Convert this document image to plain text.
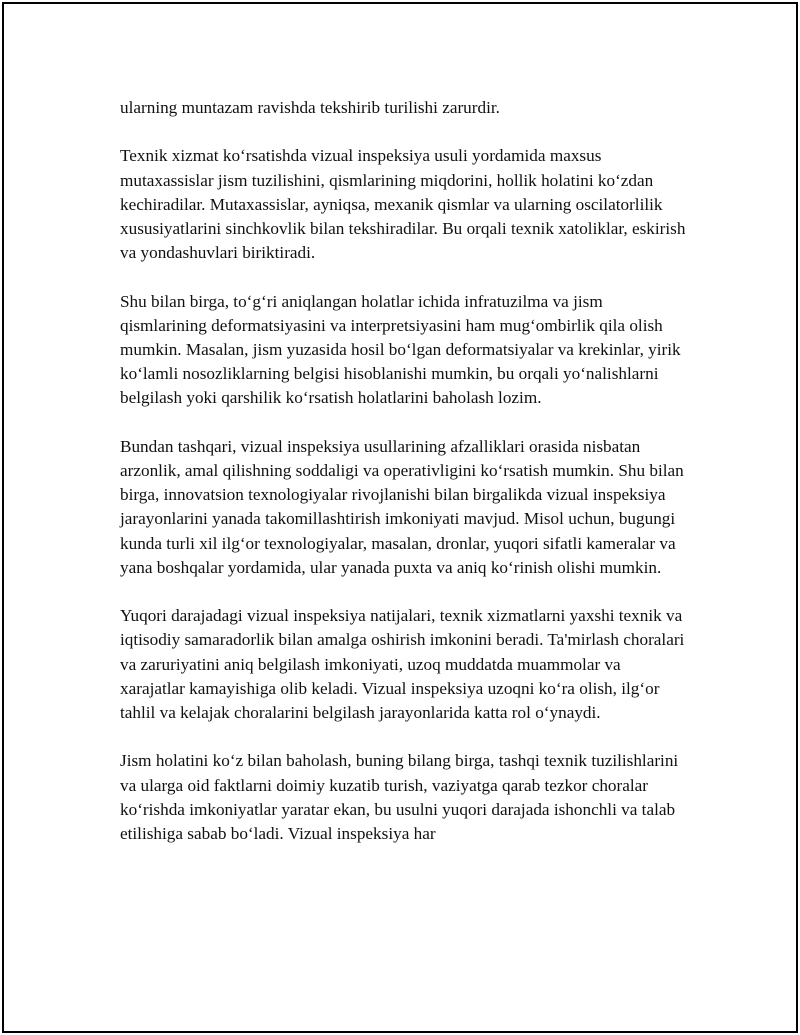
ularning muntazam ravishda tekshirib turilishi zarurdir.

Texnik xizmat ko‘rsatishda vizual inspeksiya usuli yordamida maxsus mutaxassislar jism tuzilishini, qismlarining miqdorini, hollik holatini ko‘zdan kechiradilar. Mutaxassislar, ayniqsa, mexanik qismlar va ularning oscilatorlilik xususiyatlarini sinchkovlik bilan tekshiradilar. Bu orqali texnik xatoliklar, eskirish va yondashuvlari biriktiradi.

Shu bilan birga, to‘g‘ri aniqlangan holatlar ichida infratuzilma va jism qismlarining deformatsiyasini va interpretsiyasini ham mug‘ombirlik qila olish mumkin. Masalan, jism yuzasida hosil bo‘lgan deformatsiyalar va krekinlar, yirik ko‘lamli nosozliklarning belgisi hisoblanishi mumkin, bu orqali yo‘nalishlarni belgilash yoki qarshilik ko‘rsatish holatlarini baholash lozim.

Bundan tashqari, vizual inspeksiya usullarining afzalliklari orasida nisbatan arzonlik, amal qilishning soddaligi va operativligini ko‘rsatish mumkin. Shu bilan birga, innovatsion texnologiyalar rivojlanishi bilan birgalikda vizual inspeksiya jarayonlarini yanada takomillashtirish imkoniyati mavjud. Misol uchun, bugungi kunda turli xil ilg‘or texnologiyalar, masalan, dronlar, yuqori sifatli kameralar va yana boshqalar yordamida, ular yanada puxta va aniq ko‘rinish olishi mumkin.

Yuqori darajadagi vizual inspeksiya natijalari, texnik xizmatlarni yaxshi texnik va iqtisodiy samaradorlik bilan amalga oshirish imkonini beradi. Ta'mirlash choralari va zaruriyatini aniq belgilash imkoniyati, uzoq muddatda muammolar va xarajatlar kamayishiga olib keladi. Vizual inspeksiya uzoqni ko‘ra olish, ilg‘or tahlil va kelajak choralarini belgilash jarayonlarida katta rol o‘ynaydi.

Jism holatini ko‘z bilan baholash, buning bilang birga, tashqi texnik tuzilishlarini va ularga oid faktlarni doimiy kuzatib turish, vaziyatga qarab tezkor choralar ko‘rishda imkoniyatlar yaratar ekan, bu usulni yuqori darajada ishonchli va talab etilishiga sabab bo‘ladi. Vizual inspeksiya har
